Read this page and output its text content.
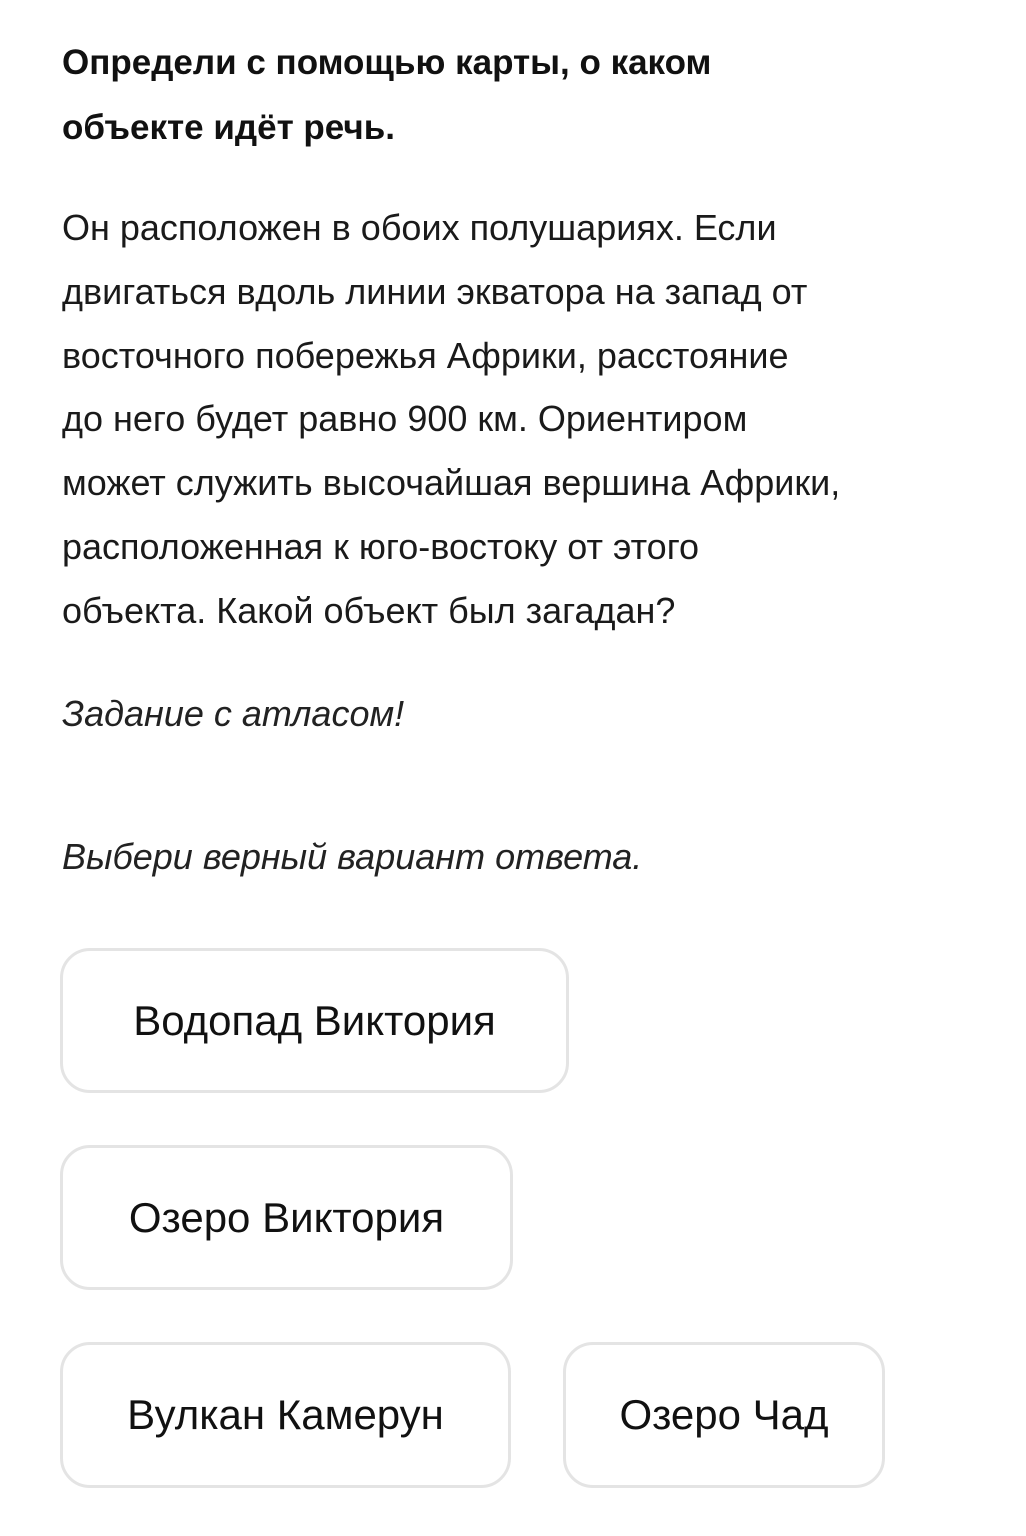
Определи с помощью карты, о каком
объекте идёт речь.
Он расположен в обоих полушариях. Если
двигаться вдоль линии экватора на запад от
восточного побережья Африки, расстояние
до него будет равно 900 км. Ориентиром
может служить высочайшая вершина Африки,
расположенная к юго-востоку от этого
объекта. Какой объект был загадан?
Задание с атласом!
Выбери верный вариант ответа.
Водопад Виктория
Озеро Виктория
Вулкан Камерун	Озеро Чад
